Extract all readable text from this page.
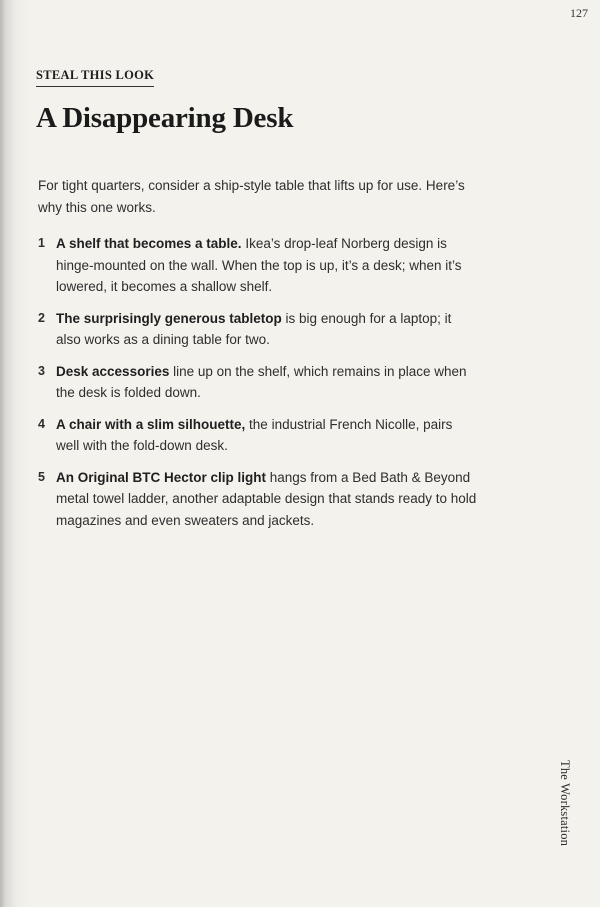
127
STEAL THIS LOOK
A Disappearing Desk

For tight quarters, consider a ship-style table that lifts up for use. Here’s why this one works.

1 A shelf that becomes a table. Ikea’s drop-leaf Norberg design is hinge-mounted on the wall. When the top is up, it’s a desk; when it’s lowered, it becomes a shallow shelf.
2 The surprisingly generous tabletop is big enough for a laptop; it also works as a dining table for two.
3 Desk accessories line up on the shelf, which remains in place when the desk is folded down.
4 A chair with a slim silhouette, the industrial French Nicolle, pairs well with the fold-down desk.
5 An Original BTC Hector clip light hangs from a Bed Bath & Beyond metal towel ladder, another adaptable design that stands ready to hold magazines and even sweaters and jackets.
The Workstation
